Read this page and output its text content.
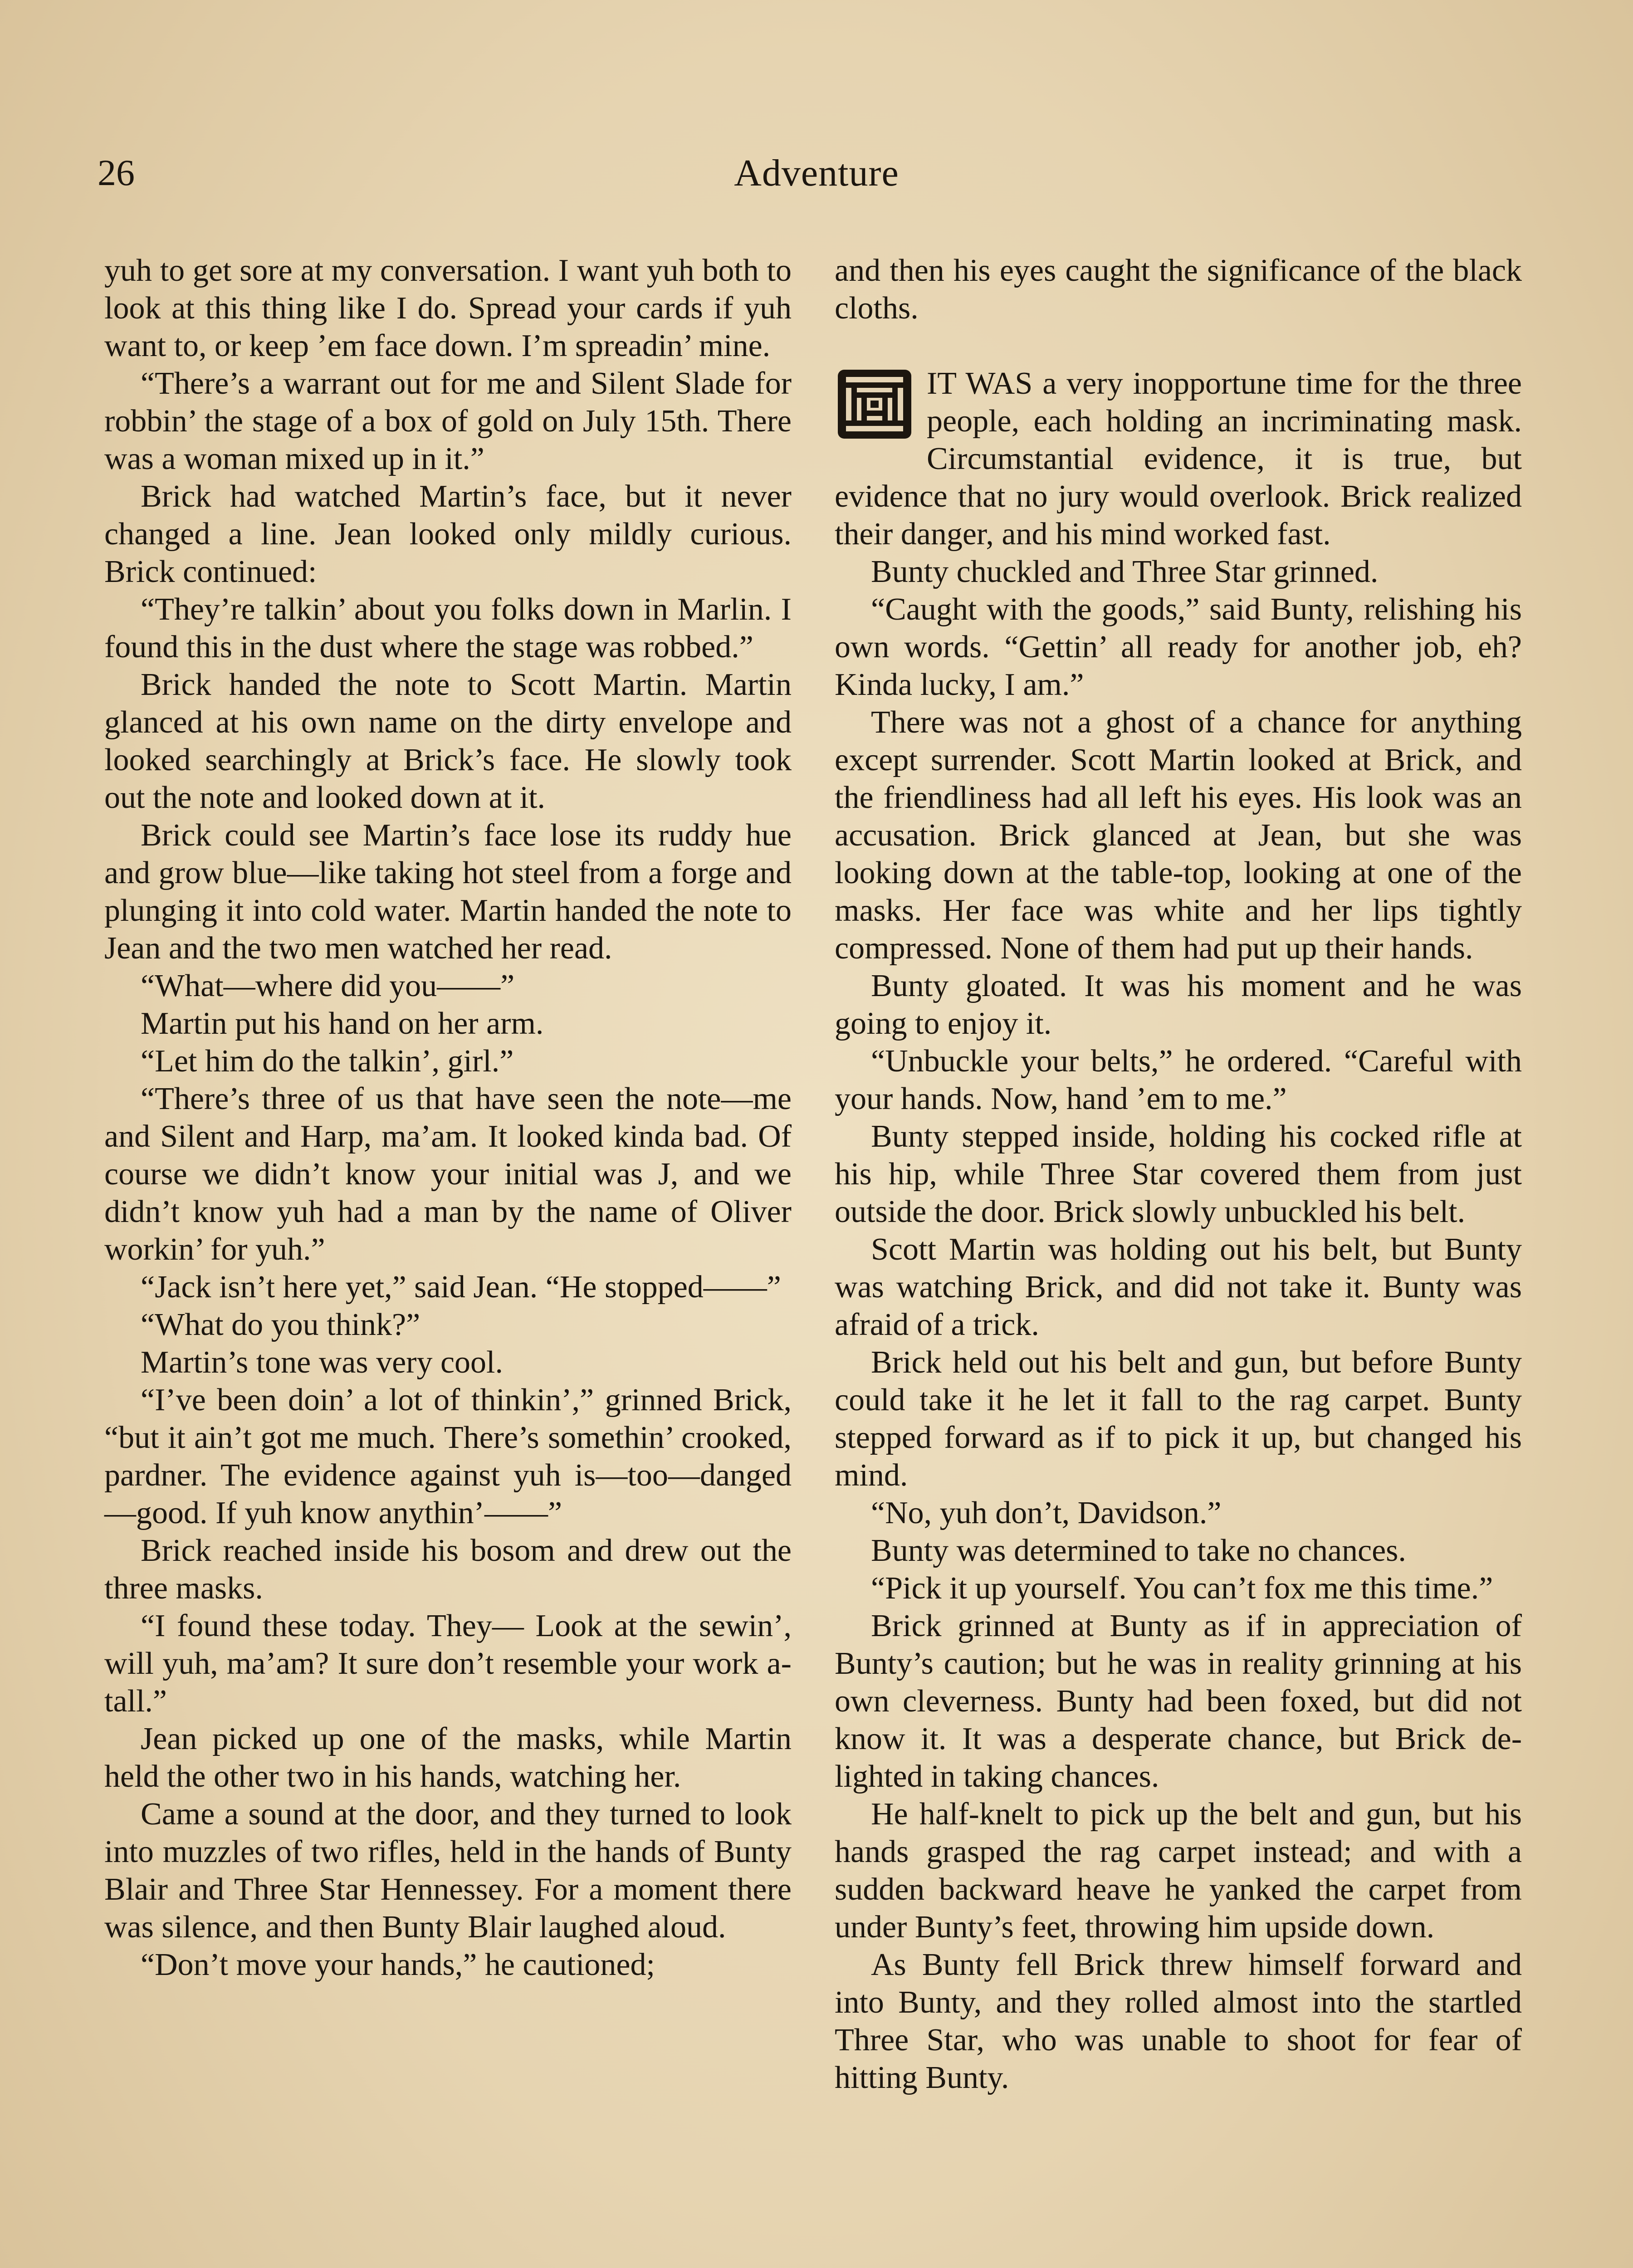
26	Adventure

yuh to get sore at my conversation. I want yuh both to look at this thing like I do. Spread your cards if yuh want to, or keep ’em face down. I’m spreadin’ mine.

“There’s a warrant out for me and Silent Slade for robbin’ the stage of a box of gold on July 15th. There was a woman mixed up in it.”

Brick had watched Martin’s face, but it never changed a line. Jean looked only mildly curious. Brick continued:

“They’re talkin’ about you folks down in Marlin. I found this in the dust where the stage was robbed.”

Brick handed the note to Scott Martin. Martin glanced at his own name on the dirty envelope and looked searchingly at Brick’s face. He slowly took out the note and looked down at it.

Brick could see Martin’s face lose its ruddy hue and grow blue—like taking hot steel from a forge and plunging it into cold water. Martin handed the note to Jean and the two men watched her read.

“What—where did you——”

Martin put his hand on her arm.

“Let him do the talkin’, girl.”

“There’s three of us that have seen the note—me and Silent and Harp, ma’am. It looked kinda bad. Of course we didn’t know your initial was J, and we didn’t know yuh had a man by the name of Oliver workin’ for yuh.”

“Jack isn’t here yet,” said Jean. “He stopped——”

“What do you think?”

Martin’s tone was very cool.

“I’ve been doin’ a lot of thinkin’,” grinned Brick, “but it ain’t got me much. There’s somethin’ crooked, pardner. The evidence against yuh is—too—danged—good. If yuh know anythin’——”

Brick reached inside his bosom and drew out the three masks.

“I found these today. They— Look at the sewin’, will yuh, ma’am? It sure don’t resemble your work a-tall.”

Jean picked up one of the masks, while Martin held the other two in his hands, watching her.

Came a sound at the door, and they turned to look into muzzles of two rifles, held in the hands of Bunty Blair and Three Star Hennessey. For a moment there was silence, and then Bunty Blair laughed aloud.

“Don’t move your hands,” he cautioned;

and then his eyes caught the significance of the black cloths.

IT WAS a very inopportune time for the three people, each holding an incriminating mask. Circumstantial evidence, it is true, but evidence that no jury would overlook. Brick realized their danger, and his mind worked fast.

Bunty chuckled and Three Star grinned.

“Caught with the goods,” said Bunty, relishing his own words. “Gettin’ all ready for another job, eh? Kinda lucky, I am.”

There was not a ghost of a chance for anything except surrender. Scott Martin looked at Brick, and the friendliness had all left his eyes. His look was an accusation. Brick glanced at Jean, but she was looking down at the table-top, looking at one of the masks. Her face was white and her lips tightly compressed. None of them had put up their hands.

Bunty gloated. It was his moment and he was going to enjoy it.

“Unbuckle your belts,” he ordered. “Careful with your hands. Now, hand ’em to me.”

Bunty stepped inside, holding his cocked rifle at his hip, while Three Star covered them from just outside the door. Brick slowly unbuckled his belt.

Scott Martin was holding out his belt, but Bunty was watching Brick, and did not take it. Bunty was afraid of a trick.

Brick held out his belt and gun, but before Bunty could take it he let it fall to the rag carpet. Bunty stepped forward as if to pick it up, but changed his mind.

“No, yuh don’t, Davidson.”

Bunty was determined to take no chances.

“Pick it up yourself. You can’t fox me this time.”

Brick grinned at Bunty as if in appreciation of Bunty’s caution; but he was in reality grinning at his own cleverness. Bunty had been foxed, but did not know it. It was a desperate chance, but Brick delighted in taking chances.

He half-knelt to pick up the belt and gun, but his hands grasped the rag carpet instead; and with a sudden backward heave he yanked the carpet from under Bunty’s feet, throwing him upside down.

As Bunty fell Brick threw himself forward and into Bunty, and they rolled almost into the startled Three Star, who was unable to shoot for fear of hitting Bunty.
